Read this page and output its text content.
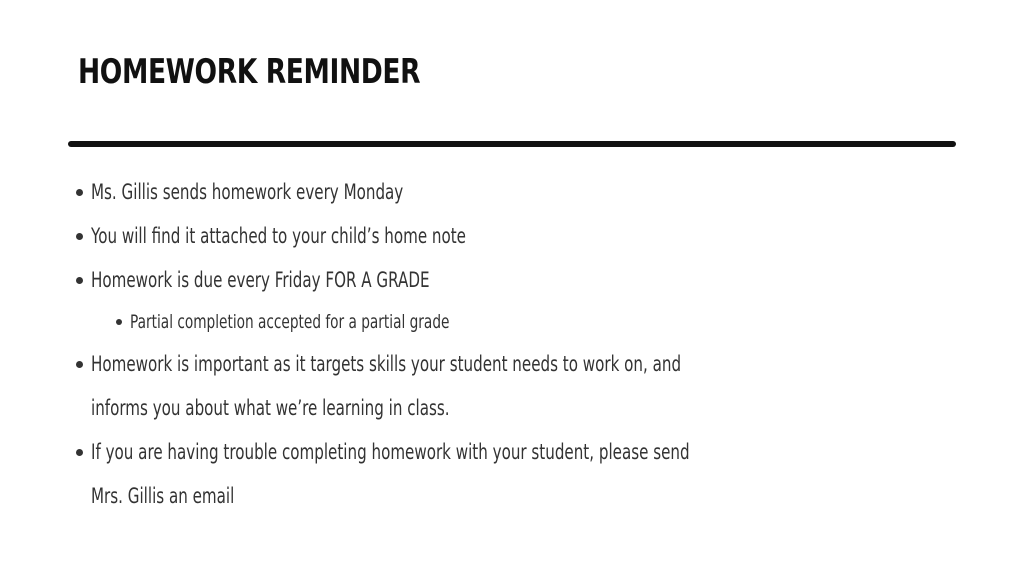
HOMEWORK REMINDER
Ms. Gillis sends homework every Monday
You will find it attached to your child’s home note
Homework is due every Friday FOR A GRADE
Partial completion accepted for a partial grade
Homework is important as it targets skills your student needs to work on, and informs you about what we’re learning in class.
If you are having trouble completing homework with your student, please send Mrs. Gillis an email
